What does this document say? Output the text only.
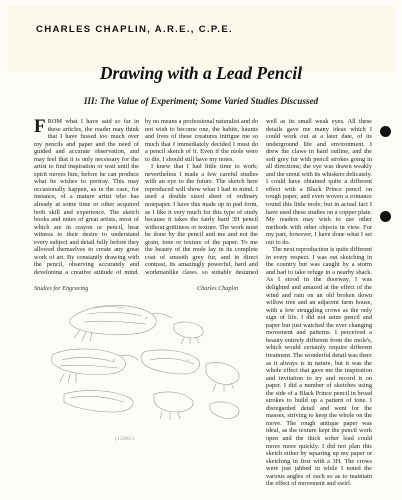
CHARLES CHAPLIN, A.R.E., C.P.E.
Drawing with a Lead Pencil
III: The Value of Experiment; Some Varied Studies Discussed

FROM what I have said so far in these articles, the reader may think that I have fussed too much over my pencils and paper and the need of guided and accurate observation, and may feel that it is only necessary for the artist to find inspiration or wait until the spirit moves him, before he can produce what he wishes to portray. This may occasionally happen, as in the case, for instance, of a mature artist who has already at some time or other acquired both skill and experience. The sketch books and notes of great artists, most of which are in crayon or pencil, bear witness to their desire to understand every subject and detail fully before they allowed themselves to create any great work of art. By constantly drawing with the pencil, observing accurately and developing a creative attitude of mind,

by no means a professional naturalist and do not wish to become one, the habits, haunts and lives of these creatures intrigue me so much that I immediately decided I must do a pencil sketch of it. Even if the mole were to die, I should still have my notes.

I knew that I had little time to work; nevertheless I made a few careful studies with an eye to the future. The sketch here reproduced will show what I had in mind. I used a double sized sheet of ordinary notepaper. I have this made up in pad form, as I like it very much for this type of study because it takes the fairly hard 3H pencil without grittiness or texture. The work must be done by the pencil and me and not the grain, tone or texture of the paper. To me the beauty of the mole lay in its complete coat of smooth grey fur, and in direct contrast, its amazingly powerful, hard and workmanlike claws, so suitably designed

well as its small weak eyes. All these details gave me many ideas which I could work out at a later date, of its underground life and environment. I drew the claws in hard outline, and the soft grey fur with pencil strokes going in all directions; the eye was drawn weakly and the snout with its whiskers delicately. I could have obtained quite a different effect with a Black Prince pencil on rough paper, and even woven a romance round this little mole; but in actual fact I have used these studies on a copper plate. My readers may wish to use other methods with other objects in view. For my part, however, I have done what I set out to do.

The next reproduction is quite different in every respect. I was out sketching in the country but was caught by a storm and had to take refuge in a nearby shack. As I stood in the doorway, I was delighted and amazed at the effect of the wind and rain on an old broken down willow tree and an adjacent farm house, with a few struggling crows as the only sign of life. I did not seize pencil and paper but just watched the ever changing movement and patterns. I perceived a beauty entirely different from the mole's, which would certainly require different treatment. The wonderful detail was there as it always is in nature, but it was the whole effect that gave me the inspiration and invitation to try and record it on paper. I did a number of sketches using the side of a Black Prince pencil in broad strokes to build up a pattern of tone. I disregarded detail and went for the masses, striving to keep the whole on the move. The rough antique paper was ideal, as the texture kept the pencil work open and the thick softer lead could move more quickly. I did not plan this sketch either by squaring up my paper or sketching in first with a 3H. The crows were just jabbed in while I noted the various angles of each so as to maintain the effect of movement and swirl.

Studies for Engraving	Charles Chaplin
(15085)
